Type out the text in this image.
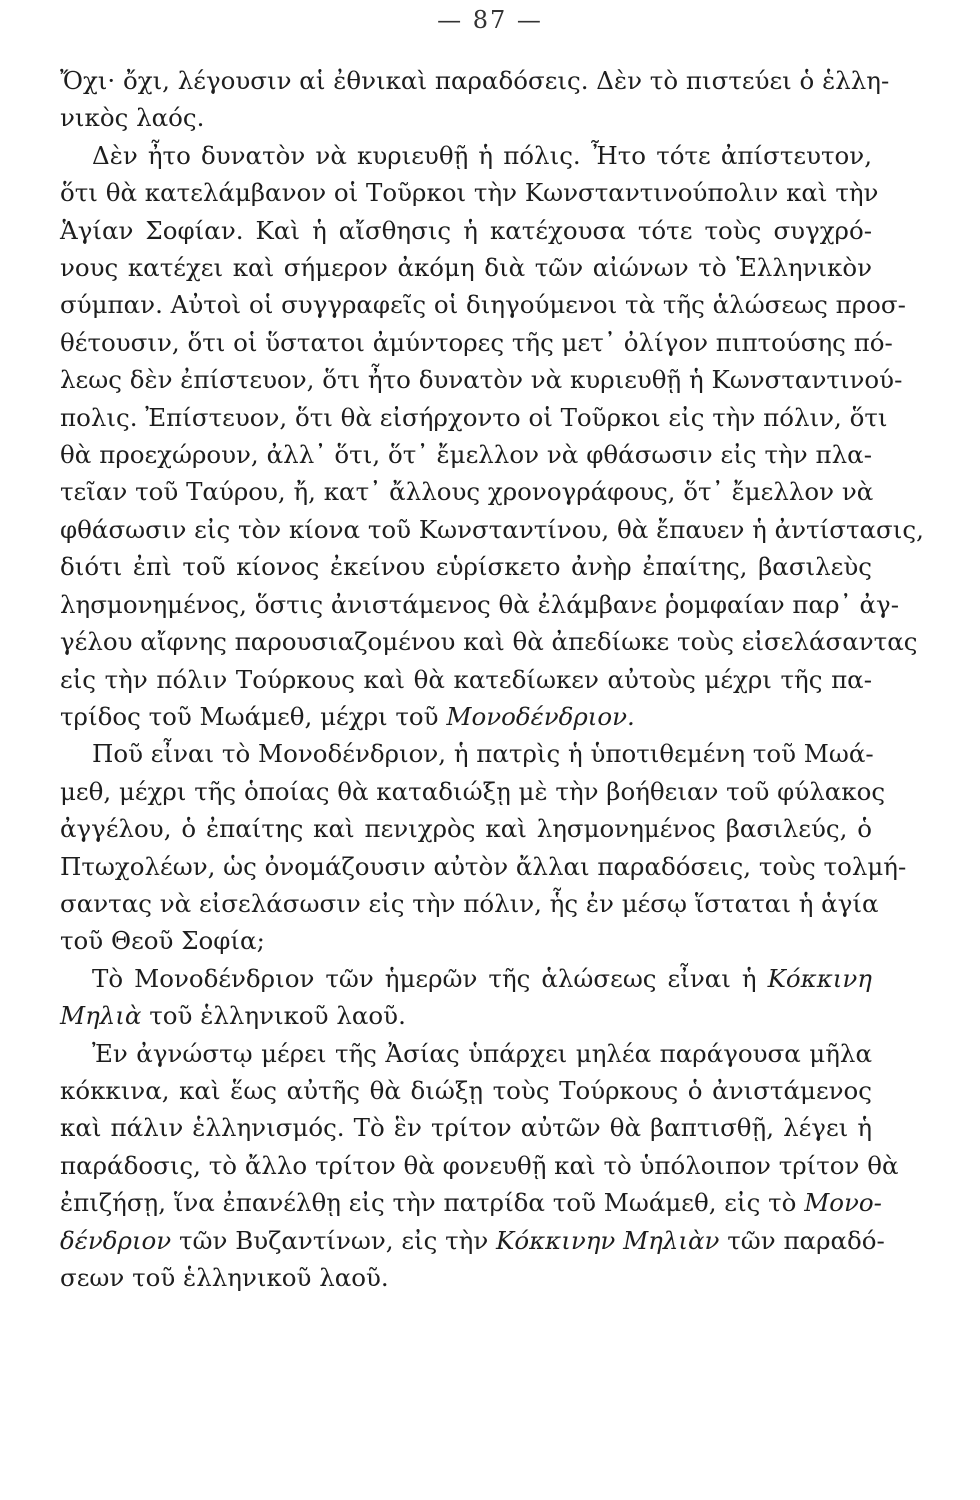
— 87 —
Ὄχι· ὄχι, λέγουσιν αἱ ἐθνικαὶ παραδόσεις. Δὲν τὸ πιστεύει ὁ ἑλλη-
νικὸς λαός.
Δὲν ἦτο δυνατὸν νὰ κυριευθῇ ἡ πόλις. Ἦτο τότε ἀπίστευτον,
ὅτι θὰ κατελάμβανον οἱ Τοῦρκοι τὴν Κωνσταντινούπολιν καὶ τὴν
Ἁγίαν Σοφίαν. Καὶ ἡ αἴσθησις ἡ κατέχουσα τότε τοὺς συγχρό-
νους κατέχει καὶ σήμερον ἀκόμη διὰ τῶν αἰώνων τὸ Ἑλληνικὸν
σύμπαν. Αὐτοὶ οἱ συγγραφεῖς οἱ διηγούμενοι τὰ τῆς ἁλώσεως προσ-
θέτουσιν, ὅτι οἱ ὕστατοι ἀμύντορες τῆς μετ᾽ ὀλίγον πιπτούσης πό-
λεως δὲν ἐπίστευον, ὅτι ἦτο δυνατὸν νὰ κυριευθῇ ἡ Κωνσταντινού-
πολις. Ἐπίστευον, ὅτι θὰ εἰσήρχοντο οἱ Τοῦρκοι εἰς τὴν πόλιν, ὅτι
θὰ προεχώρουν, ἀλλ᾽ ὅτι, ὅτ᾽ ἔμελλον νὰ φθάσωσιν εἰς τὴν πλα-
τεῖαν τοῦ Ταύρου, ἤ, κατ᾽ ἄλλους χρονογράφους, ὅτ᾽ ἔμελλον νὰ
φθάσωσιν εἰς τὸν κίονα τοῦ Κωνσταντίνου, θὰ ἔπαυεν ἡ ἀντίστασις,
διότι ἐπὶ τοῦ κίονος ἐκείνου εὑρίσκετο ἀνὴρ ἐπαίτης, βασιλεὺς
λησμονημένος, ὅστις ἀνιστάμενος θὰ ἐλάμβανε ῥομφαίαν παρ᾽ ἀγ-
γέλου αἴφνης παρουσιαζομένου καὶ θὰ ἀπεδίωκε τοὺς εἰσελάσαντας
εἰς τὴν πόλιν Τούρκους καὶ θὰ κατεδίωκεν αὐτοὺς μέχρι τῆς πα-
τρίδος τοῦ Μωάμεθ, μέχρι τοῦ Μονοδένδριον.
Ποῦ εἶναι τὸ Μονοδένδριον, ἡ πατρὶς ἡ ὑποτιθεμένη τοῦ Μωά-
μεθ, μέχρι τῆς ὁποίας θὰ καταδιώξῃ μὲ τὴν βοήθειαν τοῦ φύλακος
ἀγγέλου, ὁ ἐπαίτης καὶ πενιχρὸς καὶ λησμονημένος βασιλεύς, ὁ
Πτωχολέων, ὡς ὀνομάζουσιν αὐτὸν ἄλλαι παραδόσεις, τοὺς τολμή-
σαντας νὰ εἰσελάσωσιν εἰς τὴν πόλιν, ἧς ἐν μέσῳ ἵσταται ἡ ἁγία
τοῦ Θεοῦ Σοφία;
Τὸ Μονοδένδριον τῶν ἡμερῶν τῆς ἁλώσεως εἶναι ἡ Κόκκινη
Μηλιὰ τοῦ ἑλληνικοῦ λαοῦ.
Ἐν ἀγνώστῳ μέρει τῆς Ἀσίας ὑπάρχει μηλέα παράγουσα μῆλα
κόκκινα, καὶ ἕως αὐτῆς θὰ διώξῃ τοὺς Τούρκους ὁ ἀνιστάμενος
καὶ πάλιν ἑλληνισμός. Τὸ ἓν τρίτον αὐτῶν θὰ βαπτισθῇ, λέγει ἡ
παράδοσις, τὸ ἄλλο τρίτον θὰ φονευθῇ καὶ τὸ ὑπόλοιπον τρίτον θὰ
ἐπιζήσῃ, ἵνα ἐπανέλθῃ εἰς τὴν πατρίδα τοῦ Μωάμεθ, εἰς τὸ Μονο-
δένδριον τῶν Βυζαντίνων, εἰς τὴν Κόκκινην Μηλιὰν τῶν παραδό-
σεων τοῦ ἑλληνικοῦ λαοῦ.
